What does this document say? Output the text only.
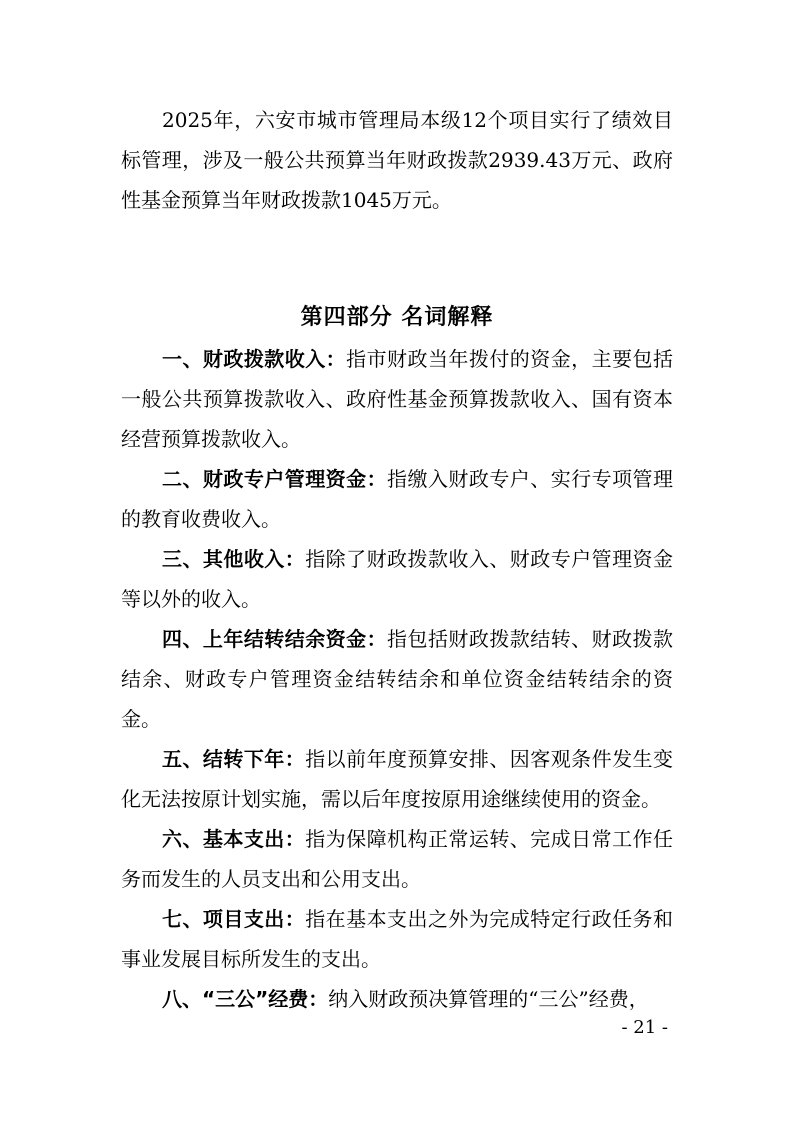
2025年，六安市城市管理局本级12个项目实行了绩效目标管理，涉及一般公共预算当年财政拨款2939.43万元、政府性基金预算当年财政拨款1045万元。

第四部分 名词解释

一、财政拨款收入：指市财政当年拨付的资金，主要包括一般公共预算拨款收入、政府性基金预算拨款收入、国有资本经营预算拨款收入。

二、财政专户管理资金：指缴入财政专户、实行专项管理的教育收费收入。

三、其他收入：指除了财政拨款收入、财政专户管理资金等以外的收入。

四、上年结转结余资金：指包括财政拨款结转、财政拨款结余、财政专户管理资金结转结余和单位资金结转结余的资金。

五、结转下年：指以前年度预算安排、因客观条件发生变化无法按原计划实施，需以后年度按原用途继续使用的资金。

六、基本支出：指为保障机构正常运转、完成日常工作任务而发生的人员支出和公用支出。

七、项目支出：指在基本支出之外为完成特定行政任务和事业发展目标所发生的支出。

八、“三公”经费：纳入财政预决算管理的“三公”经费，

- 21 -
